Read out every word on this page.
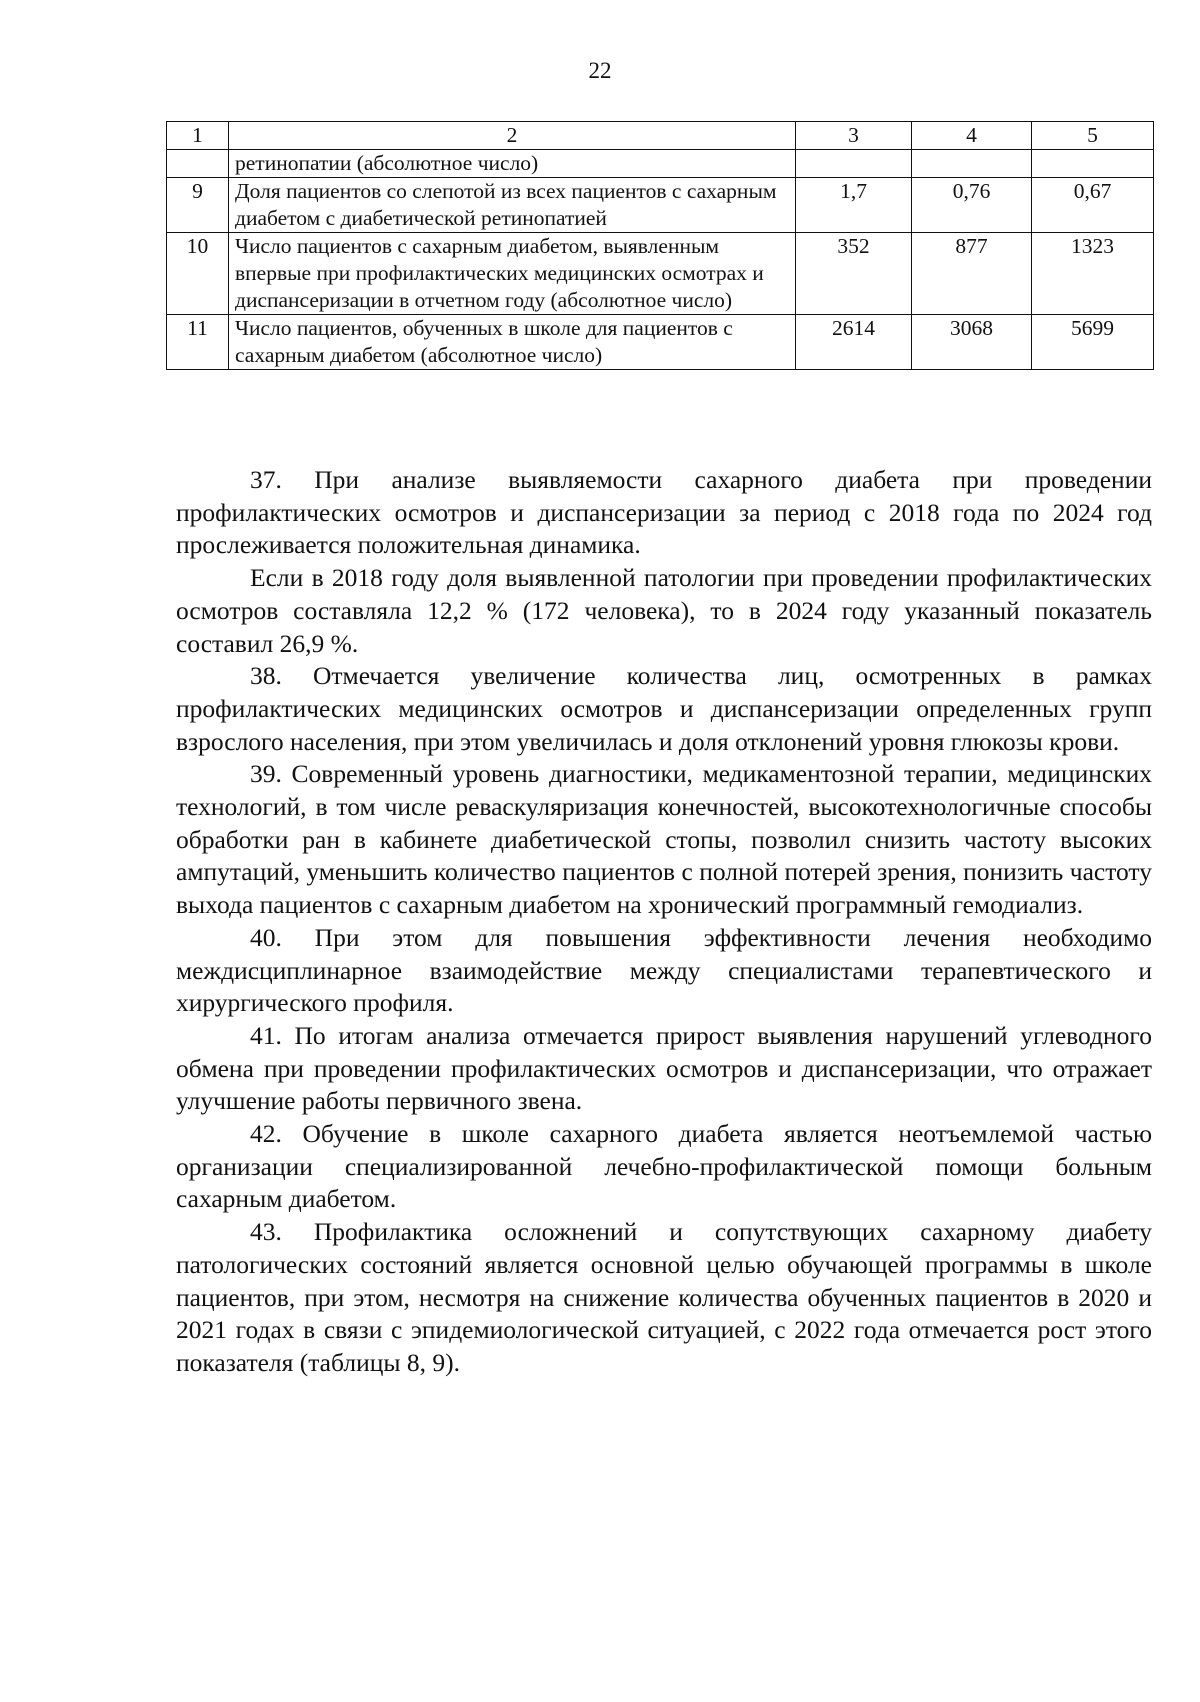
22
1	2	3	4	5
	ретинопатии (абсолютное число)			
9	Доля пациентов со слепотой из всех пациентов с сахарным диабетом с диабетической ретинопатией	1,7	0,76	0,67
10	Число пациентов с сахарным диабетом, выявленным впервые при профилактических медицинских осмотрах и диспансеризации в отчетном году (абсолютное число)	352	877	1323
11	Число пациентов, обученных в школе для пациентов с сахарным диабетом (абсолютное число)	2614	3068	5699

37. При анализе выявляемости сахарного диабета при проведении профилактических осмотров и диспансеризации за период с 2018 года по 2024 год прослеживается положительная динамика.

Если в 2018 году доля выявленной патологии при проведении профилактических осмотров составляла 12,2 % (172 человека), то в 2024 году указанный показатель составил 26,9 %.

38. Отмечается увеличение количества лиц, осмотренных в рамках профилактических медицинских осмотров и диспансеризации определенных групп взрослого населения, при этом увеличилась и доля отклонений уровня глюкозы крови.

39. Современный уровень диагностики, медикаментозной терапии, медицинских технологий, в том числе реваскуляризация конечностей, высокотехнологичные способы обработки ран в кабинете диабетической стопы, позволил снизить частоту высоких ампутаций, уменьшить количество пациентов с полной потерей зрения, понизить частоту выхода пациентов с сахарным диабетом на хронический программный гемодиализ.

40. При этом для повышения эффективности лечения необходимо междисциплинарное взаимодействие между специалистами терапевтического и хирургического профиля.

41. По итогам анализа отмечается прирост выявления нарушений углеводного обмена при проведении профилактических осмотров и диспансеризации, что отражает улучшение работы первичного звена.

42. Обучение в школе сахарного диабета является неотъемлемой частью организации специализированной лечебно-профилактической помощи больным сахарным диабетом.

43. Профилактика осложнений и сопутствующих сахарному диабету патологических состояний является основной целью обучающей программы в школе пациентов, при этом, несмотря на снижение количества обученных пациентов в 2020 и 2021 годах в связи с эпидемиологической ситуацией, с 2022 года отмечается рост этого показателя (таблицы 8, 9).
